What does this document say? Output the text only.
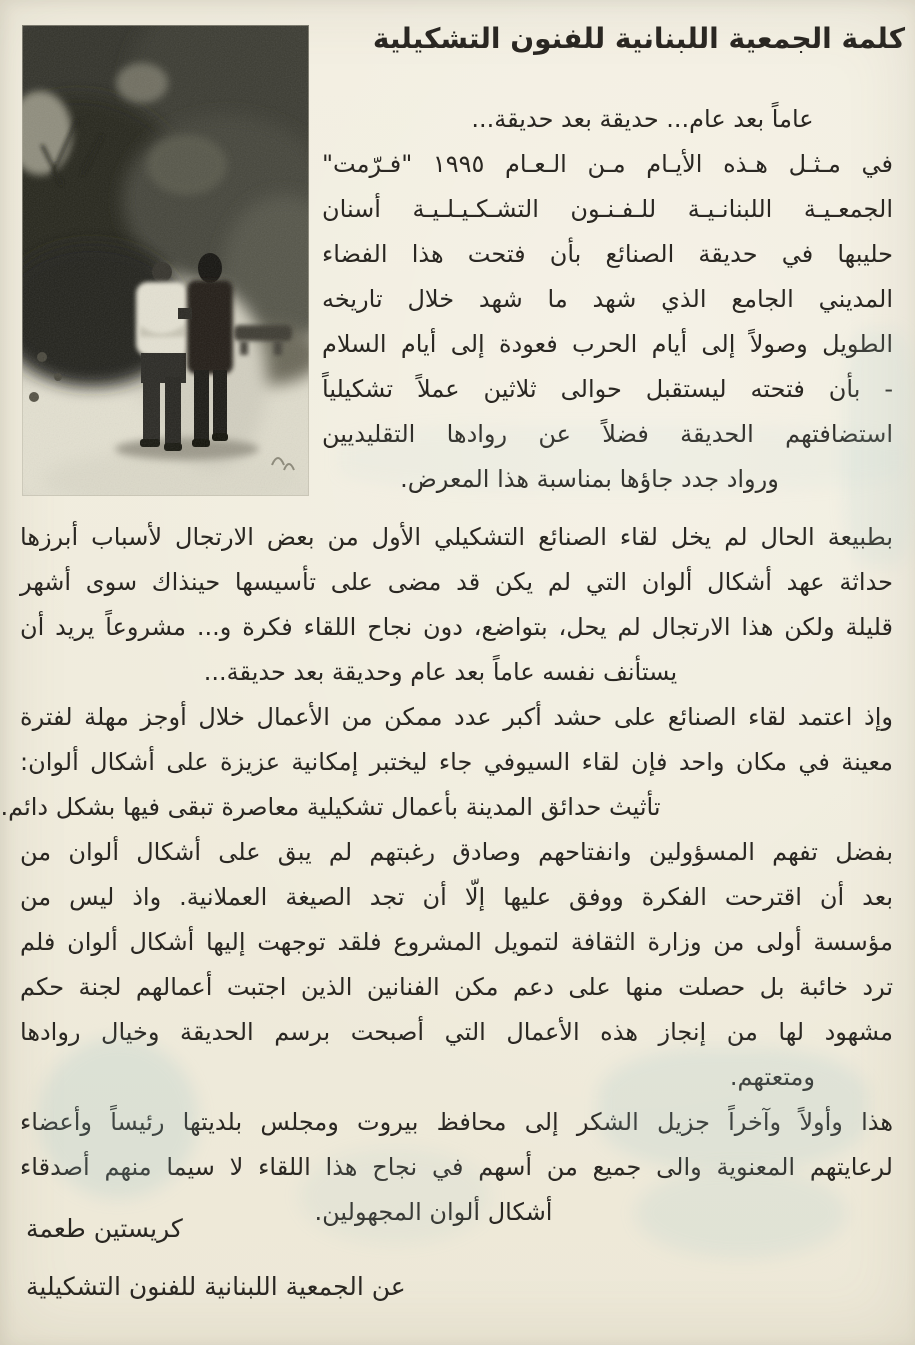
كلمة الجمعية اللبنانية للفنون التشكيلية
عاماً بعد عام... حديقة بعد حديقة...
في مـثـل هـذه الأيـام مـن الـعـام ١٩٩٥ "فـرّمت"
الجمعـيـة اللبنانـيـة للـفـنـون التشـكـيـلـيـة أسنان
حليبها في حديقة الصنائع بأن فتحت هذا الفضاء
المديني الجامع الذي شهد ما شهد خلال تاريخه
الطويل وصولاً إلى أيام الحرب فعودة إلى أيام السلام
- بأن فتحته ليستقبل حوالى ثلاثين عملاً تشكيلياً
استضافتهم الحديقة فضلاً عن روادها التقليديين
ورواد جدد جاؤها بمناسبة هذا المعرض.
بطبيعة الحال لم يخل لقاء الصنائع التشكيلي الأول من بعض الارتجال لأسباب أبرزها
حداثة عهد أشكال ألوان التي لم يكن قد مضى على تأسيسها حينذاك سوى أشهر
قليلة ولكن هذا الارتجال لم يحل، بتواضع، دون نجاح اللقاء فكرة و... مشروعاً يريد أن
يستأنف نفسه عاماً بعد عام وحديقة بعد حديقة...
وإذ اعتمد لقاء الصنائع على حشد أكبر عدد ممكن من الأعمال خلال أوجز مهلة لفترة
معينة في مكان واحد فإن لقاء السيوفي جاء ليختبر إمكانية عزيزة على أشكال ألوان:
تأثيث حدائق المدينة بأعمال تشكيلية معاصرة تبقى فيها بشكل دائم.
بفضل تفهم المسؤولين وانفتاحهم وصادق رغبتهم لم يبق على أشكال ألوان من
بعد أن اقترحت الفكرة ووفق عليها إلّا أن تجد الصيغة العملانية. واذ ليس من
مؤسسة أولى من وزارة الثقافة لتمويل المشروع فلقد توجهت إليها أشكال ألوان فلم
ترد خائبة بل حصلت منها على دعم مكن الفنانين الذين اجتبت أعمالهم لجنة حكم
مشهود لها من إنجاز هذه الأعمال التي أصبحت برسم الحديقة وخيال روادها
ومتعتهم.
هذا وأولاً وآخراً جزيل الشكر إلى محافظ بيروت ومجلس بلديتها رئيساً وأعضاء
لرعايتهم المعنوية والى جميع من أسهم في نجاح هذا اللقاء لا سيما منهم أصدقاء
أشكال ألوان المجهولين.
كريستين طعمة
عن الجمعية اللبنانية للفنون التشكيلية
